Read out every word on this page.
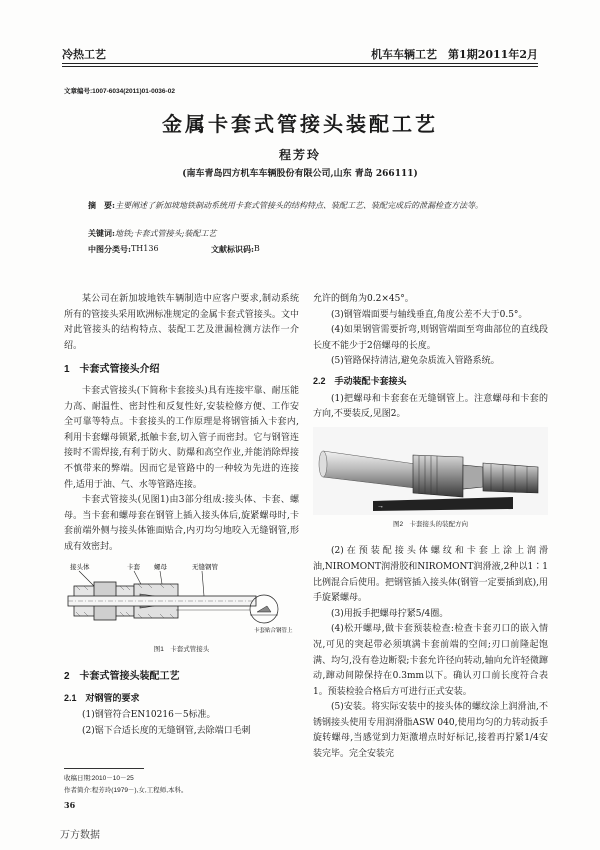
冷热工艺	机车车辆工艺　第1期2011年2月
文章编号:1007-6034(2011)01-0036-02
金属卡套式管接头装配工艺
程芳玲
(南车青岛四方机车车辆股份有限公司,山东 青岛 266111)
摘　要:主要阐述了新加坡地铁制动系统用卡套式管接头的结构特点、装配工艺、装配完成后的泄漏检查方法等。
关键词:地铁;卡套式管接头;装配工艺
中图分类号: TH136	文献标识码: B

某公司在新加坡地铁车辆制造中应客户要求,制动系统所有的管接头采用欧洲标准规定的金属卡套式管接头。文中对此管接头的结构特点、装配工艺及泄漏检测方法作一介绍。

1　卡套式管接头介绍

卡套式管接头(下简称卡套接头)具有连接牢靠、耐压能力高、耐温性、密封性和反复性好,安装检修方便、工作安全可靠等特点。卡套接头的工作原理是将钢管插入卡套内,利用卡套螺母锁紧,抵触卡套,切入管子而密封。它与钢管连接时不需焊接,有利于防火、防爆和高空作业,并能消除焊接不慎带来的弊端。因而它是管路中的一种较为先进的连接件,适用于油、气、水等管路连接。

卡套式管接头(见图1)由3部分组成:接头体、卡套、螺母。当卡套和螺母套在钢管上插入接头体后,旋紧螺母时,卡套前端外侧与接头体锥面贴合,内刃均匀地咬入无缝钢管,形成有效密封。

接头体	卡套 螺母	无缝钢管
卡套贴合钢管上
图1　卡套式管接头
2　卡套式管接头装配工艺
2.1　对钢管的要求

(1)钢管符合EN10216－5标准。

(2)锯下合适长度的无缝钢管,去除端口毛刺

允许的倒角为0.2×45°。

(3)钢管端面要与轴线垂直,角度公差不大于0.5°。

(4)如果钢管需要折弯,则钢管端面至弯曲部位的直线段长度不能少于2倍螺母的长度。

(5)管路保持清洁,避免杂质流入管路系统。

2.2　手动装配卡套接头

(1)把螺母和卡套套在无缝钢管上。注意螺母和卡套的方向,不要装反,见图2。

→
图2　卡套接头的装配方向

(2)在预装配接头体螺纹和卡套上涂上润滑油,NIROMONT润滑胶和NIROMONT润滑液,2种以1∶1比例混合后使用。把钢管插入接头体(钢管一定要插到底),用手旋紧螺母。

(3)用扳手把螺母拧紧5/4圈。

(4)松开螺母,做卡套预装检查:检查卡套刃口的嵌入情况,可见的突起带必须填满卡套前端的空间;刃口前隆起饱满、均匀,没有卷边断裂;卡套允许径向转动,轴向允许轻微蹿动,蹿动间隙保持在0.3mm以下。确认刃口前长度符合表1。预装检验合格后方可进行正式安装。

(5)安装。将实际安装中的接头体的螺纹涂上润滑油,不锈钢接头使用专用润滑脂ASW 040,使用均匀的力转动扳手旋转螺母,当感觉到力矩激增点时好标记,接着再拧紧1/4安装完毕。完全安装完

收稿日期:2010－10－25
作者简介:程芳玲(1979－),女,工程师,本科。
36
万方数据
